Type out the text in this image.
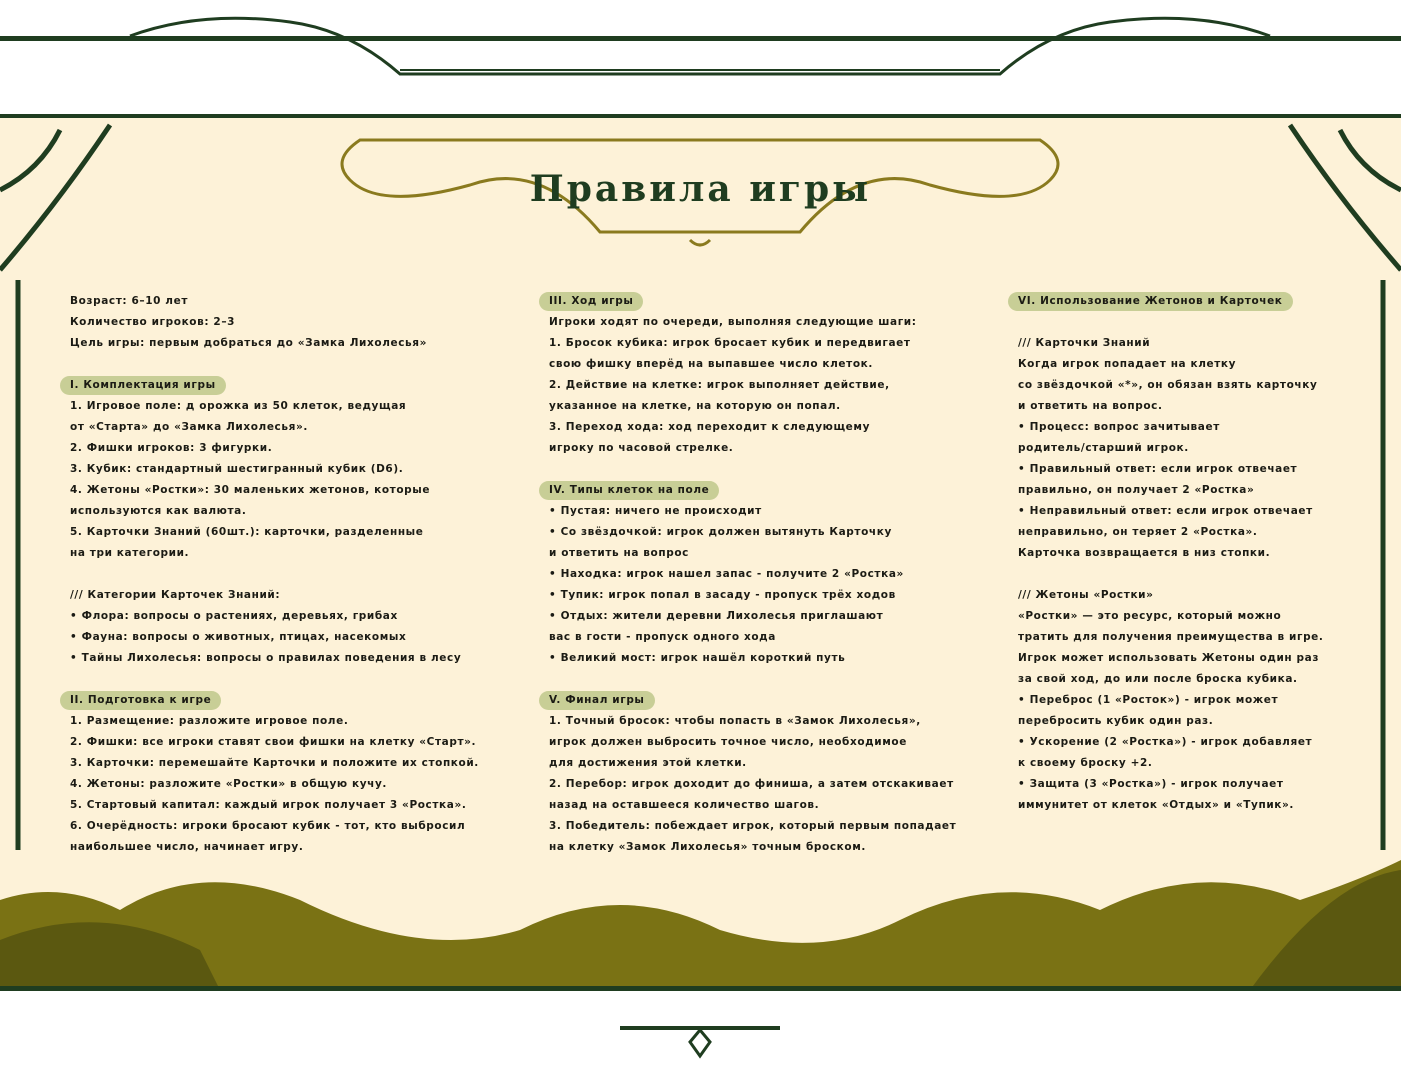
Правила игры
Возраст: 6–10 лет
Количество игроков: 2–3
Цель игры: первым добраться до «Замка Лихолесья»
I. Комплектация игры
1. Игровое поле: д орожка из 50 клеток, ведущая
от «Старта» до «Замка Лихолесья».
2. Фишки игроков: 3 фигурки.
3. Кубик: стандартный шестигранный кубик (D6).
4. Жетоны «Ростки»: 30 маленьких жетонов, которые
используются как валюта.
5. Карточки Знаний (60шт.): карточки, разделенные
на три категории.
/// Категории Карточек Знаний:
• Флора: вопросы о растениях, деревьях, грибах
• Фауна: вопросы о животных, птицах, насекомых
• Тайны Лихолесья: вопросы о правилах поведения в лесу
II. Подготовка к игре
1. Размещение: разложите игровое поле.
2. Фишки: все игроки ставят свои фишки на клетку «Старт».
3. Карточки: перемешайте Карточки и положите их стопкой.
4. Жетоны: разложите «Ростки» в общую кучу.
5. Стартовый капитал: каждый игрок получает 3 «Ростка».
6. Очерёдность: игроки бросают кубик - тот, кто выбросил
наибольшее число, начинает игру.
III. Ход игры
Игроки ходят по очереди, выполняя следующие шаги:
1. Бросок кубика: игрок бросает кубик и передвигает
свою фишку вперёд на выпавшее число клеток.
2. Действие на клетке: игрок выполняет действие,
указанное на клетке, на которую он попал.
3. Переход хода: ход переходит к следующему
игроку по часовой стрелке.
IV. Типы клеток на поле
• Пустая: ничего не происходит
• Со звёздочкой: игрок должен вытянуть Карточку
и ответить на вопрос
• Находка: игрок нашел запас - получите 2 «Ростка»
• Тупик: игрок попал в засаду - пропуск трёх ходов
• Отдых: жители деревни Лихолесья приглашают
вас в гости - пропуск одного хода
• Великий мост: игрок нашёл короткий путь
V. Финал игры
1. Точный бросок: чтобы попасть в «Замок Лихолесья»,
игрок должен выбросить точное число, необходимое
для достижения этой клетки.
2. Перебор: игрок доходит до финиша, а затем отскакивает
назад на оставшееся количество шагов.
3. Победитель: побеждает игрок, который первым попадает
на клетку «Замок Лихолесья» точным броском.
VI. Использование Жетонов и Карточек
/// Карточки Знаний
Когда игрок попадает на клетку
со звёздочкой «*», он обязан взять карточку
и ответить на вопрос.
• Процесс: вопрос зачитывает
родитель/старший игрок.
• Правильный ответ: если игрок отвечает
правильно, он получает 2 «Ростка»
• Неправильный ответ: если игрок отвечает
неправильно, он теряет 2 «Ростка».
Карточка возвращается в низ стопки.
/// Жетоны «Ростки»
«Ростки» — это ресурс, который можно
тратить для получения преимущества в игре.
Игрок может использовать Жетоны один раз
за свой ход, до или после броска кубика.
• Переброс (1 «Росток») - игрок может
перебросить кубик один раз.
• Ускорение (2 «Ростка») - игрок добавляет
к своему броску +2.
• Защита (3 «Ростка») - игрок получает
иммунитет от клеток «Отдых» и «Тупик».
